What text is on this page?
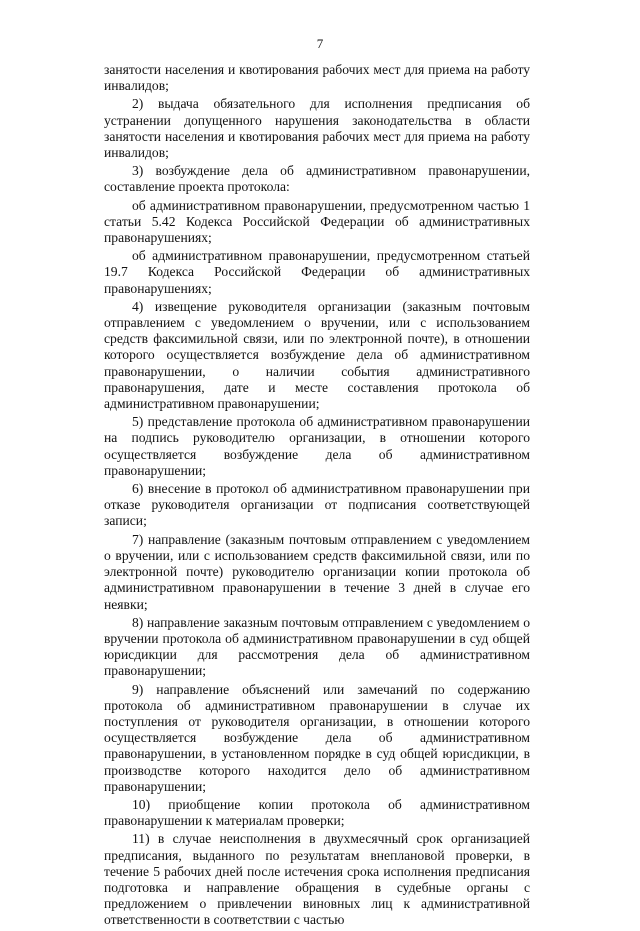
7

занятости населения и квотирования рабочих мест для приема на работу инвалидов;

2) выдача обязательного для исполнения предписания об устранении допущенного нарушения законодательства в области занятости населения и квотирования рабочих мест для приема на работу инвалидов;

3) возбуждение дела об административном правонарушении, составление проекта протокола:

об административном правонарушении, предусмотренном частью 1 статьи 5.42 Кодекса Российской Федерации об административных правонарушениях;

об административном правонарушении, предусмотренном статьей 19.7 Кодекса Российской Федерации об административных правонарушениях;

4) извещение руководителя организации (заказным почтовым отправлением с уведомлением о вручении, или с использованием средств факсимильной связи, или по электронной почте), в отношении которого осуществляется возбуждение дела об административном правонарушении, о наличии события административного правонарушения, дате и месте составления протокола об административном правонарушении;

5) представление протокола об административном правонарушении на подпись руководителю организации, в отношении которого осуществляется возбуждение дела об административном правонарушении;

6) внесение в протокол об административном правонарушении при отказе руководителя организации от подписания соответствующей записи;

7) направление (заказным почтовым отправлением с уведомлением о вручении, или с использованием средств факсимильной связи, или по электронной почте) руководителю организации копии протокола об административном правонарушении в течение 3 дней в случае его неявки;

8) направление заказным почтовым отправлением с уведомлением о вручении протокола об административном правонарушении в суд общей юрисдикции для рассмотрения дела об административном правонарушении;

9) направление объяснений или замечаний по содержанию протокола об административном правонарушении в случае их поступления от руководителя организации, в отношении которого осуществляется возбуждение дела об административном правонарушении, в установленном порядке в суд общей юрисдикции, в производстве которого находится дело об административном правонарушении;

10) приобщение копии протокола об административном правонарушении к материалам проверки;

11) в случае неисполнения в двухмесячный срок организацией предписания, выданного по результатам внеплановой проверки, в течение 5 рабочих дней после истечения срока исполнения предписания подготовка и направление обращения в судебные органы с предложением о привлечении виновных лиц к административной ответственности в соответствии с частью
